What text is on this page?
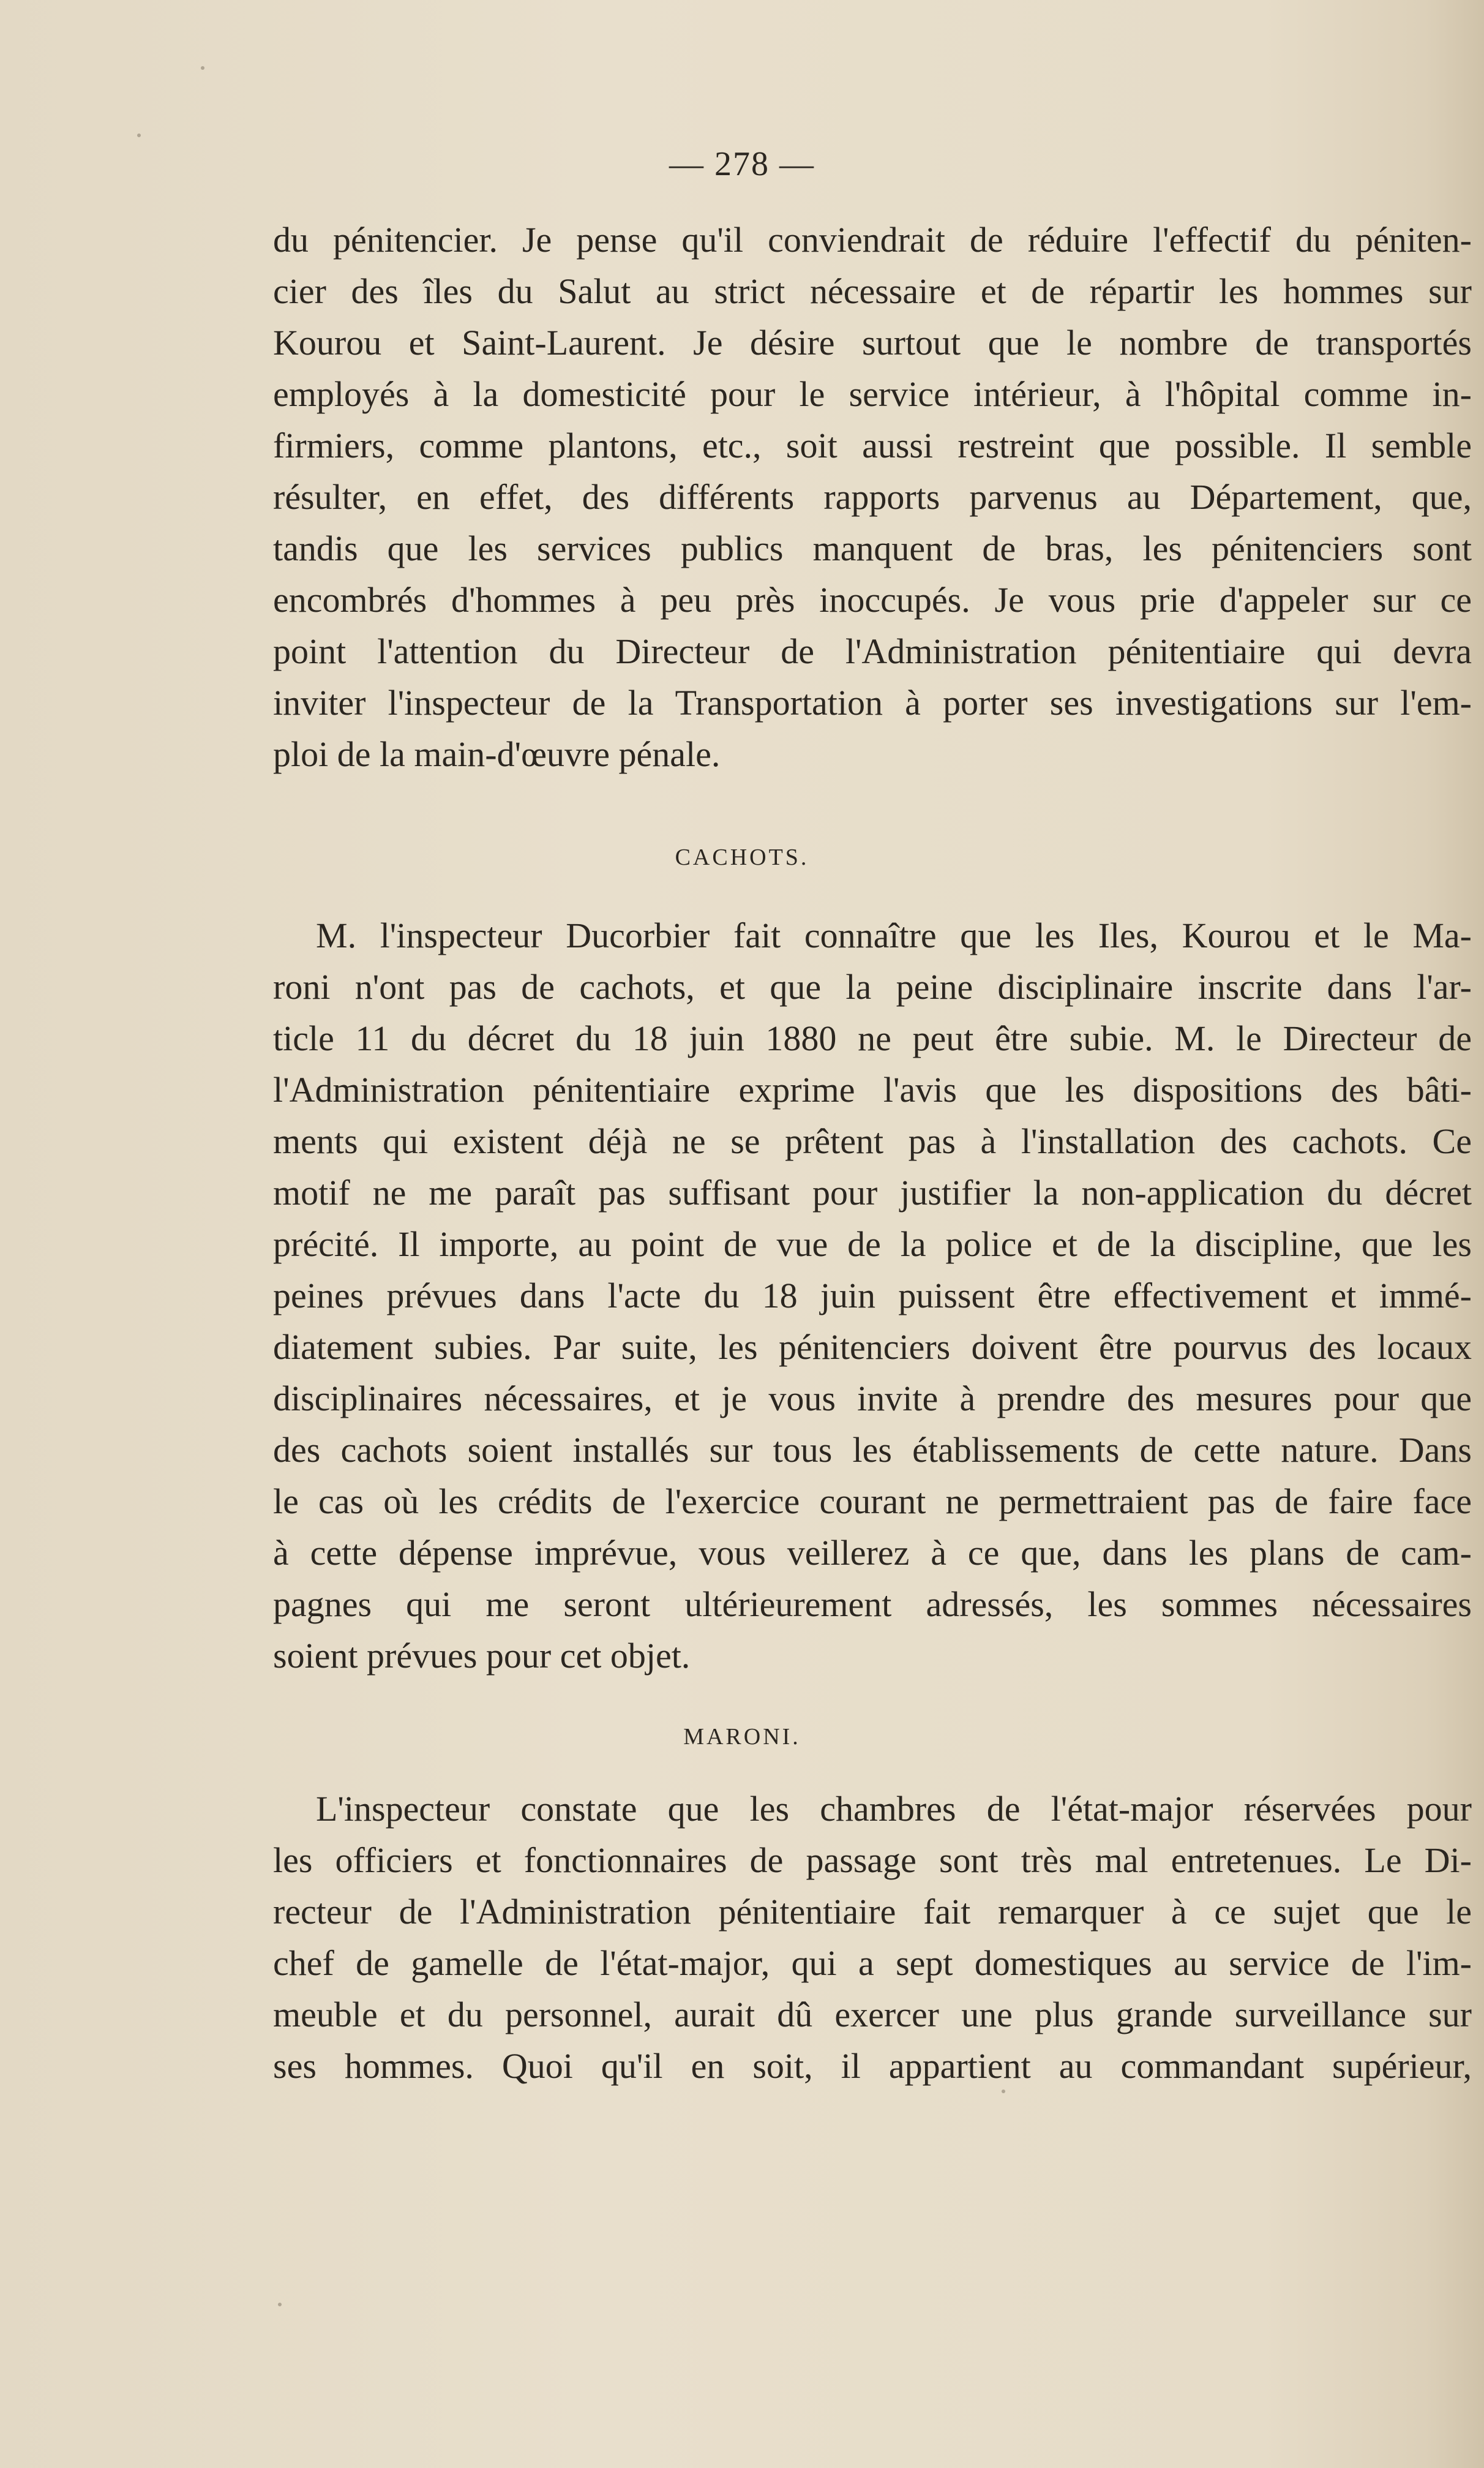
— 278 —
du pénitencier. Je pense qu'il conviendrait de réduire l'effectif du péniten-
cier des îles du Salut au strict nécessaire et de répartir les hommes sur
Kourou et Saint-Laurent. Je désire surtout que le nombre de transportés
employés à la domesticité pour le service intérieur, à l'hôpital comme in-
firmiers, comme plantons, etc., soit aussi restreint que possible. Il semble
résulter, en effet, des différents rapports parvenus au Département, que,
tandis que les services publics manquent de bras, les pénitenciers sont
encombrés d'hommes à peu près inoccupés. Je vous prie d'appeler sur ce
point l'attention du Directeur de l'Administration pénitentiaire qui devra
inviter l'inspecteur de la Transportation à porter ses investigations sur l'em-
ploi de la main-d'œuvre pénale.
CACHOTS.
M. l'inspecteur Ducorbier fait connaître que les Iles, Kourou et le Ma-
roni n'ont pas de cachots, et que la peine disciplinaire inscrite dans l'ar-
ticle 11 du décret du 18 juin 1880 ne peut être subie. M. le Directeur de
l'Administration pénitentiaire exprime l'avis que les dispositions des bâti-
ments qui existent déjà ne se prêtent pas à l'installation des cachots. Ce
motif ne me paraît pas suffisant pour justifier la non-application du décret
précité. Il importe, au point de vue de la police et de la discipline, que les
peines prévues dans l'acte du 18 juin puissent être effectivement et immé-
diatement subies. Par suite, les pénitenciers doivent être pourvus des locaux
disciplinaires nécessaires, et je vous invite à prendre des mesures pour que
des cachots soient installés sur tous les établissements de cette nature. Dans
le cas où les crédits de l'exercice courant ne permettraient pas de faire face
à cette dépense imprévue, vous veillerez à ce que, dans les plans de cam-
pagnes qui me seront ultérieurement adressés, les sommes nécessaires
soient prévues pour cet objet.
MARONI.
L'inspecteur constate que les chambres de l'état-major réservées pour
les officiers et fonctionnaires de passage sont très mal entretenues. Le Di-
recteur de l'Administration pénitentiaire fait remarquer à ce sujet que le
chef de gamelle de l'état-major, qui a sept domestiques au service de l'im-
meuble et du personnel, aurait dû exercer une plus grande surveillance sur
ses hommes. Quoi qu'il en soit, il appartient au commandant supérieur,
